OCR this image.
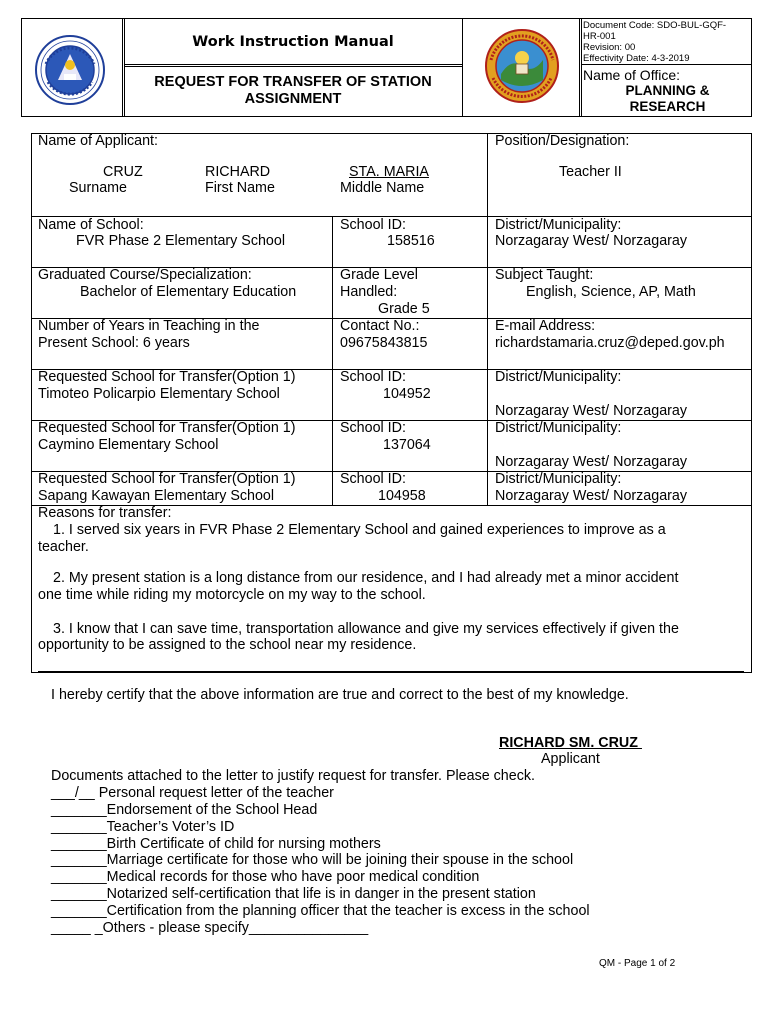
Work Instruction Manual
REQUEST FOR TRANSFER OF STATION ASSIGNMENT
Document Code: SDO-BUL-GQF-
HR-001
Revision: 00
Effectivity Date: 4-3-2019
Name of Office:
PLANNING &
RESEARCH
Name of Applicant:
CRUZ	RICHARD	STA. MARIA
Surname	First Name	Middle Name
Position/Designation:
Teacher II
Name of School:
FVR Phase 2 Elementary School
School ID:
158516
District/Municipality:
Norzagaray West/ Norzagaray
Graduated Course/Specialization:
Bachelor of Elementary Education
Grade Level
Handled:
Grade 5
Subject Taught:
English, Science, AP, Math
Number of Years in Teaching in the
Present School: 6 years
Contact No.:
09675843815
E-mail Address:
richardstamaria.cruz@deped.gov.ph
Requested School for Transfer(Option 1)
Timoteo Policarpio Elementary School
School ID:
104952
District/Municipality:
Norzagaray West/ Norzagaray
Requested School for Transfer(Option 1)
Caymino Elementary School
School ID:
137064
District/Municipality:
Norzagaray West/ Norzagaray
Requested School for Transfer(Option 1)
Sapang Kawayan Elementary School
School ID:
104958
District/Municipality:
Norzagaray West/ Norzagaray
Reasons for transfer:
1. I served six years in FVR Phase 2 Elementary School and gained experiences to improve as a
teacher.
2. My present station is a long distance from our residence, and I had already met a minor accident
one time while riding my motorcycle on my way to the school.
3. I know that I can save time, transportation allowance and give my services effectively if given the
opportunity to be assigned to the school near my residence.
I hereby certify that the above information are true and correct to the best of my knowledge.
RICHARD SM. CRUZ
Applicant
Documents attached to the letter to justify request for transfer. Please check.
___/__ Personal request letter of the teacher
_______Endorsement of the School Head
_______Teacher’s Voter’s ID
_______Birth Certificate of child for nursing mothers
_______Marriage certificate for those who will be joining their spouse in the school
_______Medical records for those who have poor medical condition
_______Notarized self-certification that life is in danger in the present station
_______Certification from the planning officer that the teacher is excess in the school
_____ _Others - please specify_______________
QM - Page 1 of 2
